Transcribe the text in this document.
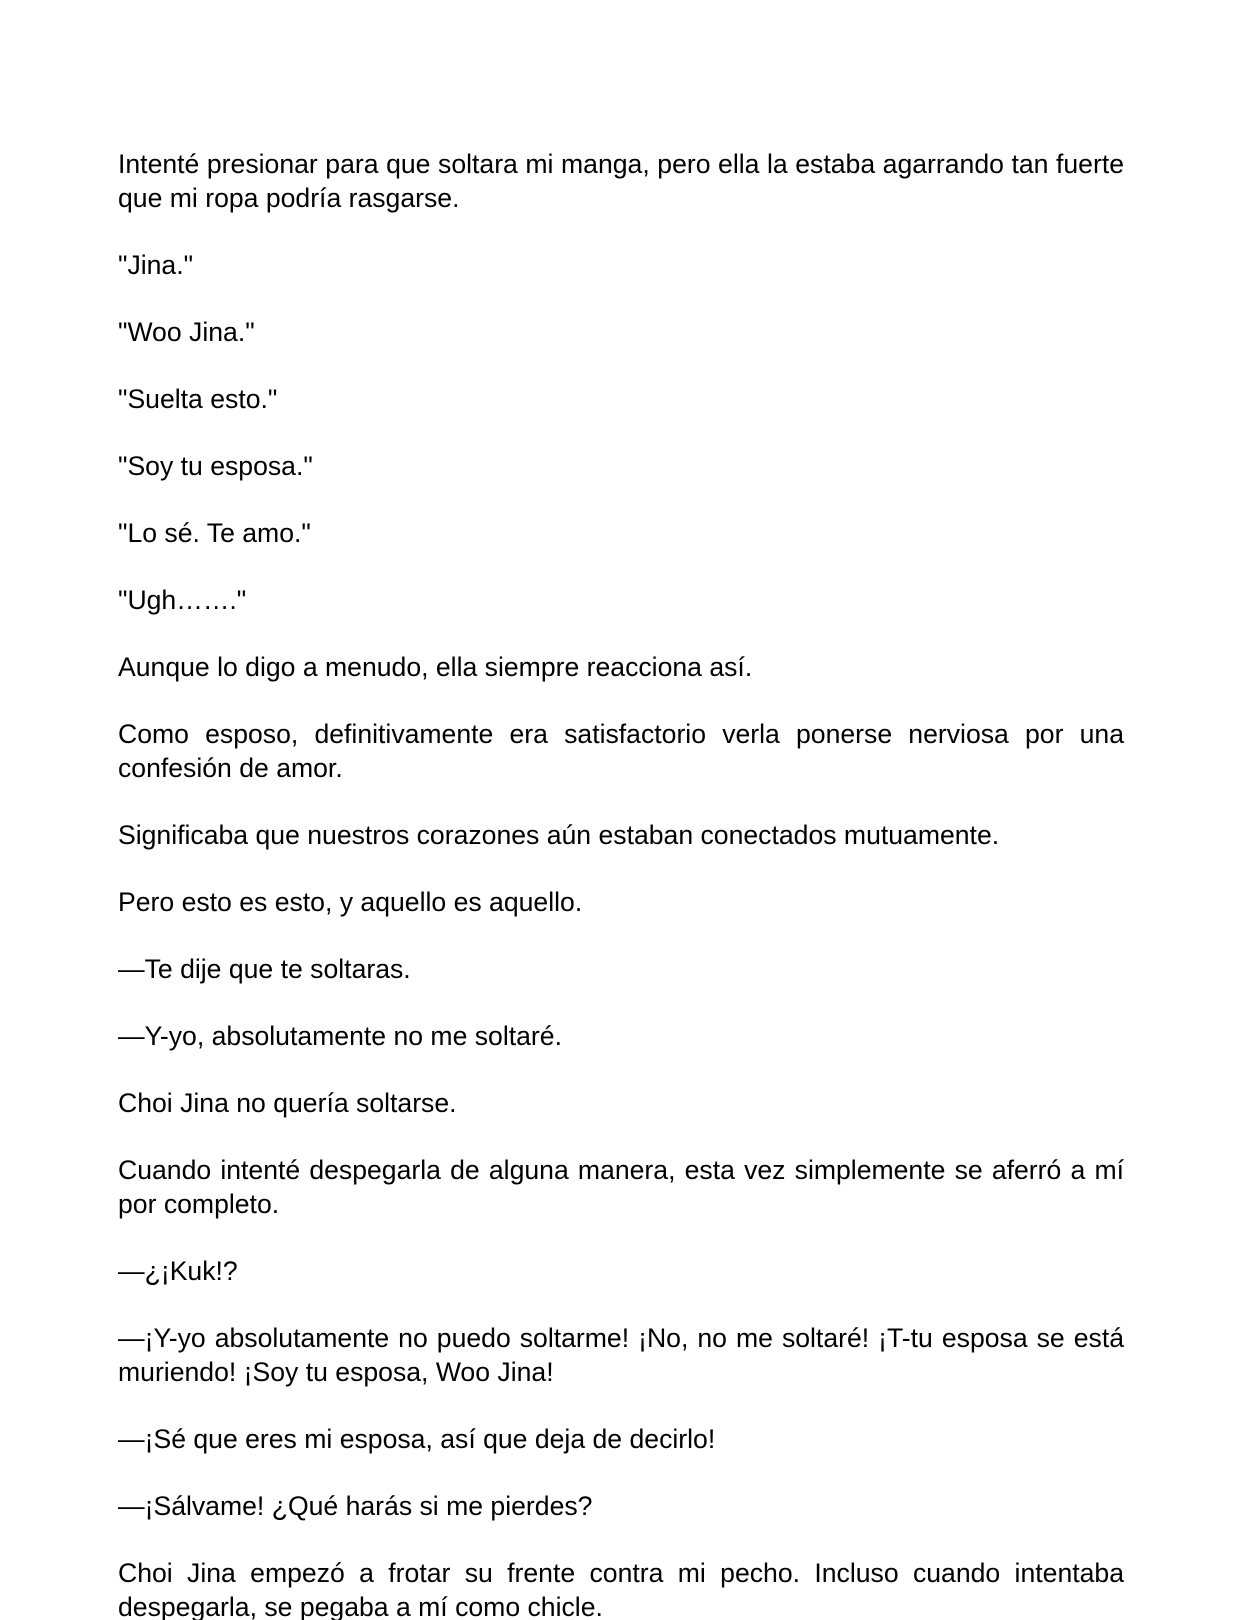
Intenté presionar para que soltara mi manga, pero ella la estaba agarrando tan fuerte que mi ropa podría rasgarse.

"Jina."

"Woo Jina."

"Suelta esto."

"Soy tu esposa."

"Lo sé. Te amo."

"Ugh……."

Aunque lo digo a menudo, ella siempre reacciona así.

Como esposo, definitivamente era satisfactorio verla ponerse nerviosa por una confesión de amor.

Significaba que nuestros corazones aún estaban conectados mutuamente.

Pero esto es esto, y aquello es aquello.

—Te dije que te soltaras.

—Y-yo, absolutamente no me soltaré.

Choi Jina no quería soltarse.

Cuando intenté despegarla de alguna manera, esta vez simplemente se aferró a mí por completo.

—¿¡Kuk!?

—¡Y-yo absolutamente no puedo soltarme! ¡No, no me soltaré! ¡T-tu esposa se está muriendo! ¡Soy tu esposa, Woo Jina!

—¡Sé que eres mi esposa, así que deja de decirlo!

—¡Sálvame! ¿Qué harás si me pierdes?

Choi Jina empezó a frotar su frente contra mi pecho. Incluso cuando intentaba despegarla, se pegaba a mí como chicle.
